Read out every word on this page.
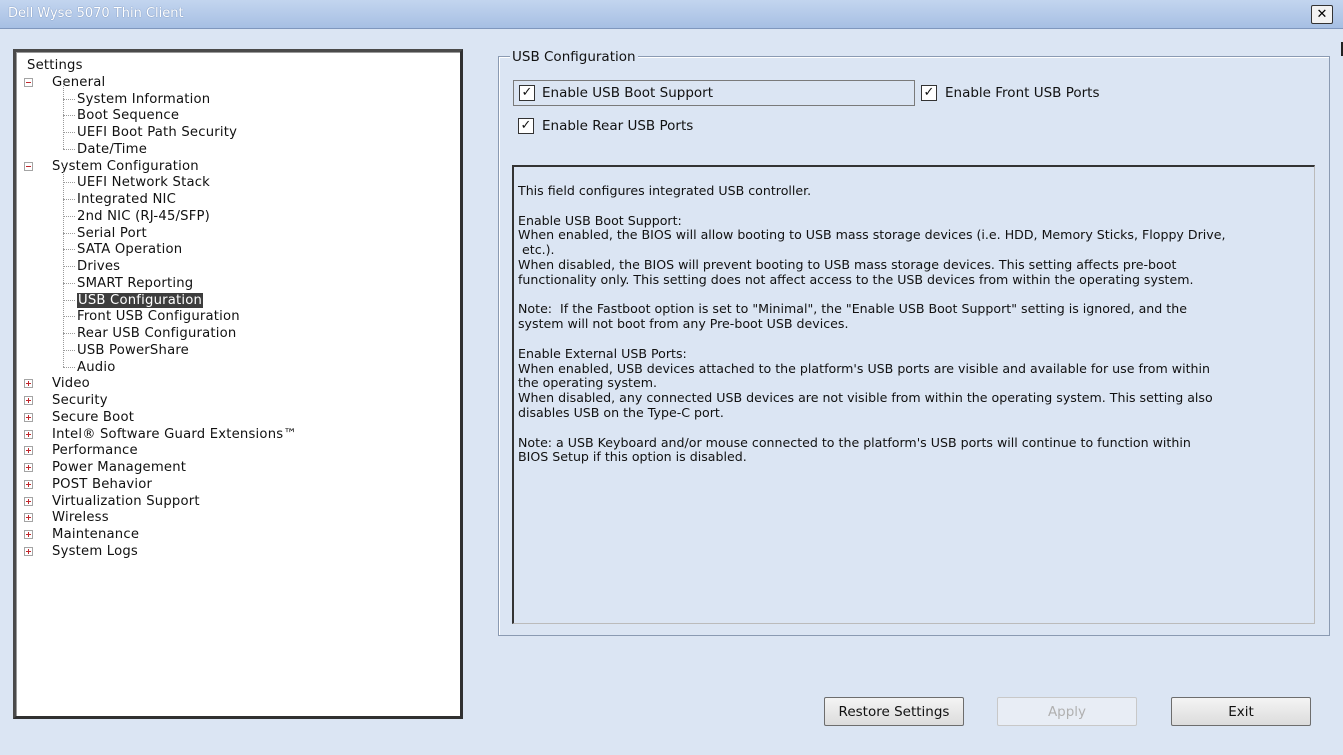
Dell Wyse 5070 Thin Client	✕
Settings
General
System Information
Boot Sequence
UEFI Boot Path Security
Date/Time
System Configuration
UEFI Network Stack
Integrated NIC
2nd NIC (RJ-45/SFP)
Serial Port
SATA Operation
Drives
SMART Reporting
USB Configuration
Front USB Configuration
Rear USB Configuration
USB PowerShare
Audio
Video
Security
Secure Boot
Intel® Software Guard Extensions™
Performance
Power Management
POST Behavior
Virtualization Support
Wireless
Maintenance
System Logs
USB Configuration
✓ Enable USB Boot Support	✓ Enable Front USB Ports
✓ Enable Rear USB Ports

This field configures integrated USB controller.

Enable USB Boot Support:
When enabled, the BIOS will allow booting to USB mass storage devices (i.e. HDD, Memory Sticks, Floppy Drive,
etc.).
When disabled, the BIOS will prevent booting to USB mass storage devices. This setting affects pre-boot
functionality only. This setting does not affect access to the USB devices from within the operating system.

Note:  If the Fastboot option is set to "Minimal", the "Enable USB Boot Support" setting is ignored, and the
system will not boot from any Pre-boot USB devices.

Enable External USB Ports:
When enabled, USB devices attached to the platform's USB ports are visible and available for use from within
the operating system.
When disabled, any connected USB devices are not visible from within the operating system. This setting also
disables USB on the Type-C port.

Note: a USB Keyboard and/or mouse connected to the platform's USB ports will continue to function within
BIOS Setup if this option is disabled.

Restore Settings	Apply	Exit
